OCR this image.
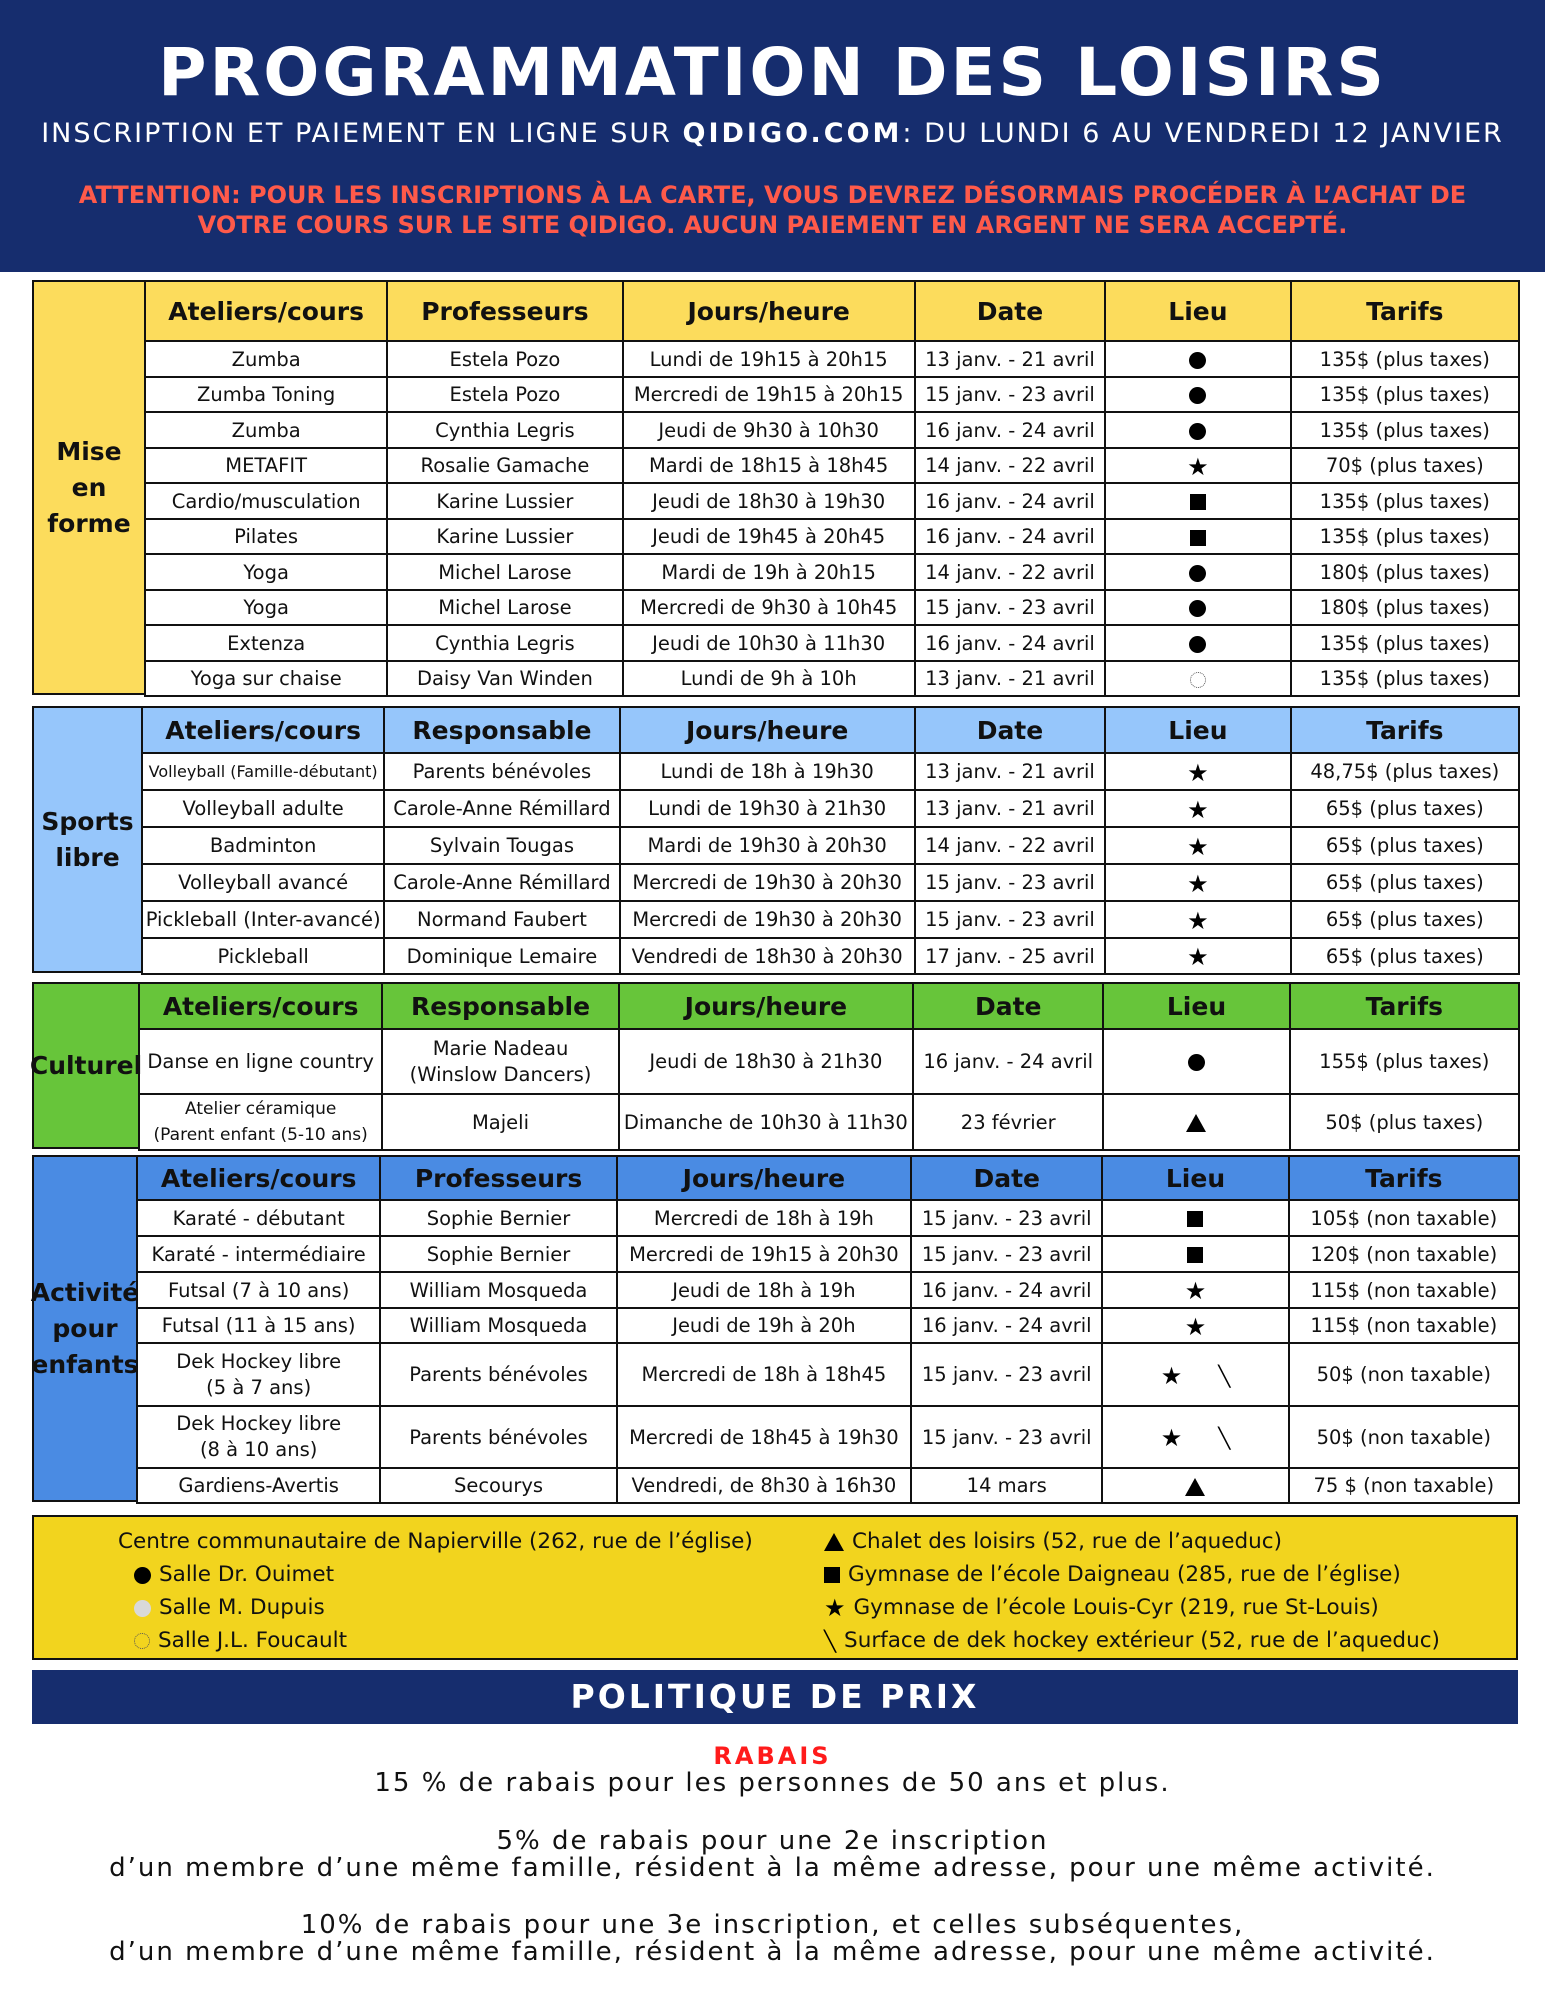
PROGRAMMATION DES LOISIRS
INSCRIPTION ET PAIEMENT EN LIGNE SUR QIDIGO.COM: DU LUNDI 6 AU VENDREDI 12 JANVIER
ATTENTION: POUR LES INSCRIPTIONS À LA CARTE, VOUS DEVREZ DÉSORMAIS PROCÉDER À L’ACHAT DE
VOTRE COURS SUR LE SITE QIDIGO. AUCUN PAIEMENT EN ARGENT NE SERA ACCEPTÉ.
Mise en forme
Ateliers/cours	Professeurs	Jours/heure	Date	Lieu	Tarifs

Zumba	Estela Pozo	Lundi de 19h15 à 20h15	13 janv. - 21 avril		135$ (plus taxes)

Zumba Toning	Estela Pozo	Mercredi de 19h15 à 20h15	15 janv. - 23 avril		135$ (plus taxes)

Zumba	Cynthia Legris	Jeudi de 9h30 à 10h30	16 janv. - 24 avril		135$ (plus taxes)

METAFIT	Rosalie Gamache	Mardi de 18h15 à 18h45	14 janv. - 22 avril	★	70$ (plus taxes)

Cardio/musculation	Karine Lussier	Jeudi de 18h30 à 19h30	16 janv. - 24 avril		135$ (plus taxes)

Pilates	Karine Lussier	Jeudi de 19h45 à 20h45	16 janv. - 24 avril		135$ (plus taxes)

Yoga	Michel Larose	Mardi de 19h à 20h15	14 janv. - 22 avril		180$ (plus taxes)

Yoga	Michel Larose	Mercredi de 9h30 à 10h45	15 janv. - 23 avril		180$ (plus taxes)

Extenza	Cynthia Legris	Jeudi de 10h30 à 11h30	16 janv. - 24 avril		135$ (plus taxes)

Yoga sur chaise	Daisy Van Winden	Lundi de 9h à 10h	13 janv. - 21 avril		135$ (plus taxes)
Sports libre
Ateliers/cours	Responsable	Jours/heure	Date	Lieu	Tarifs

Volleyball (Famille-débutant)	Parents bénévoles	Lundi de 18h à 19h30	13 janv. - 21 avril	★	48,75$ (plus taxes)

Volleyball adulte	Carole-Anne Rémillard	Lundi de 19h30 à 21h30	13 janv. - 21 avril	★	65$ (plus taxes)

Badminton	Sylvain Tougas	Mardi de 19h30 à 20h30	14 janv. - 22 avril	★	65$ (plus taxes)

Volleyball avancé	Carole-Anne Rémillard	Mercredi de 19h30 à 20h30	15 janv. - 23 avril	★	65$ (plus taxes)

Pickleball (Inter-avancé)	Normand Faubert	Mercredi de 19h30 à 20h30	15 janv. - 23 avril	★	65$ (plus taxes)

Pickleball	Dominique Lemaire	Vendredi de 18h30 à 20h30	17 janv. - 25 avril	★	65$ (plus taxes)
Culturel
Ateliers/cours	Responsable	Jours/heure	Date	Lieu	Tarifs

Danse en ligne country	Marie Nadeau
(Winslow Dancers)	Jeudi de 18h30 à 21h30	16 janv. - 24 avril		155$ (plus taxes)

Atelier céramique
(Parent enfant (5-10 ans)	Majeli	Dimanche de 10h30 à 11h30	23 février		50$ (plus taxes)
Activité pour enfants
Ateliers/cours	Professeurs	Jours/heure	Date	Lieu	Tarifs

Karaté - débutant	Sophie Bernier	Mercredi de 18h à 19h	15 janv. - 23 avril		105$ (non taxable)

Karaté - intermédiaire	Sophie Bernier	Mercredi de 19h15 à 20h30	15 janv. - 23 avril		120$ (non taxable)

Futsal (7 à 10 ans)	William Mosqueda	Jeudi de 18h à 19h	16 janv. - 24 avril	★	115$ (non taxable)

Futsal (11 à 15 ans)	William Mosqueda	Jeudi de 19h à 20h	16 janv. - 24 avril	★	115$ (non taxable)

Dek Hockey libre
(5 à 7 ans)	Parents bénévoles	Mercredi de 18h à 18h45	15 janv. - 23 avril	★ ╲	50$ (non taxable)

Dek Hockey libre
(8 à 10 ans)	Parents bénévoles	Mercredi de 18h45 à 19h30	15 janv. - 23 avril	★ ╲	50$ (non taxable)

Gardiens-Avertis	Secourys	Vendredi, de 8h30 à 16h30	14 mars		75 $ (non taxable)
Centre communautaire de Napierville (262, rue de l’église)
Salle Dr. Ouimet
Salle M. Dupuis
Salle J.L. Foucault
Chalet des loisirs (52, rue de l’aqueduc)
Gymnase de l’école Daigneau (285, rue de l’église)
★ Gymnase de l’école Louis-Cyr (219, rue St-Louis)
╲ Surface de dek hockey extérieur (52, rue de l’aqueduc)
POLITIQUE DE PRIX
RABAIS
15 % de rabais pour les personnes de 50 ans et plus.
5% de rabais pour une 2e inscription
d’un membre d’une même famille, résident à la même adresse, pour une même activité.
10% de rabais pour une 3e inscription, et celles subséquentes,
d’un membre d’une même famille, résident à la même adresse, pour une même activité.
